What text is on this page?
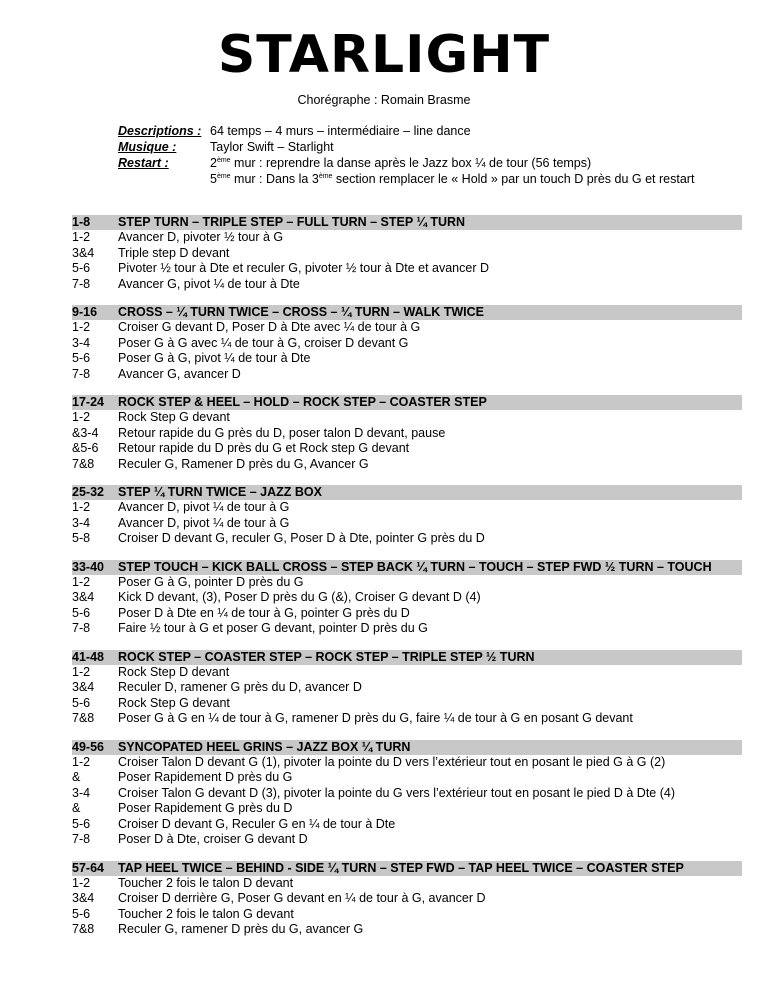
STARLIGHT
Chorégraphe : Romain Brasme
Descriptions : 64 temps – 4 murs – intermédiaire – line dance
Musique :	Taylor Swift – Starlight
Restart :	2ème mur : reprendre la danse après le Jazz box ¼ de tour (56 temps)
5ème mur : Dans la 3ème section remplacer le « Hold » par un touch D près du G et restart
1-8	STEP TURN – TRIPLE STEP – FULL TURN – STEP ¼ TURN
1-2	Avancer D, pivoter ½ tour à G
3&4	Triple step D devant
5-6	Pivoter ½ tour à Dte et reculer G, pivoter ½ tour à Dte et avancer D
7-8	Avancer G, pivot ¼ de tour à Dte
9-16	CROSS – ¼ TURN TWICE – CROSS – ¼ TURN – WALK TWICE
1-2	Croiser G devant D, Poser D à Dte avec ¼ de tour à G
3-4	Poser G à G avec ¼ de tour à G, croiser D devant G
5-6	Poser G à G, pivot ¼ de tour à Dte
7-8	Avancer G, avancer D
17-24	ROCK STEP & HEEL – HOLD – ROCK STEP – COASTER STEP
1-2	Rock Step G devant
&3-4	Retour rapide du G près du D, poser talon D devant, pause
&5-6	Retour rapide du D près du G et Rock step G devant
7&8	Reculer G, Ramener D près du G, Avancer G
25-32	STEP ¼ TURN TWICE – JAZZ BOX
1-2	Avancer D, pivot ¼ de tour à G
3-4	Avancer D, pivot ¼ de tour à G
5-8	Croiser D devant G, reculer G, Poser D à Dte, pointer G près du D
33-40	STEP TOUCH – KICK BALL CROSS – STEP BACK ¼ TURN – TOUCH – STEP FWD ½ TURN – TOUCH
1-2	Poser G à G, pointer D près du G
3&4	Kick D devant, (3), Poser D près du G (&), Croiser G devant D (4)
5-6	Poser D à Dte en ¼ de tour à G, pointer G près du D
7-8	Faire ½ tour à G et poser G devant, pointer D près du G
41-48	ROCK STEP – COASTER STEP – ROCK STEP – TRIPLE STEP ½ TURN
1-2	Rock Step D devant
3&4	Reculer D, ramener G près du D, avancer D
5-6	Rock Step G devant
7&8	Poser G à G en ¼ de tour à G, ramener D près du G, faire ¼ de tour à G en posant G devant
49-56	SYNCOPATED HEEL GRINS – JAZZ BOX ¼ TURN
1-2	Croiser Talon D devant G (1), pivoter la pointe du D vers l’extérieur tout en posant le pied G à G (2)
&	Poser Rapidement D près du G
3-4	Croiser Talon G devant D (3), pivoter la pointe du G vers l’extérieur tout en posant le pied D à Dte (4)
&	Poser Rapidement G près du D
5-6	Croiser D devant G, Reculer G en ¼ de tour à Dte
7-8	Poser D à Dte, croiser G devant D
57-64	TAP HEEL TWICE – BEHIND - SIDE ¼ TURN – STEP FWD – TAP HEEL TWICE – COASTER STEP
1-2	Toucher 2 fois le talon D devant
3&4	Croiser D derrière G, Poser G devant en ¼ de tour à G, avancer D
5-6	Toucher 2 fois le talon G devant
7&8	Reculer G, ramener D près du G, avancer G
